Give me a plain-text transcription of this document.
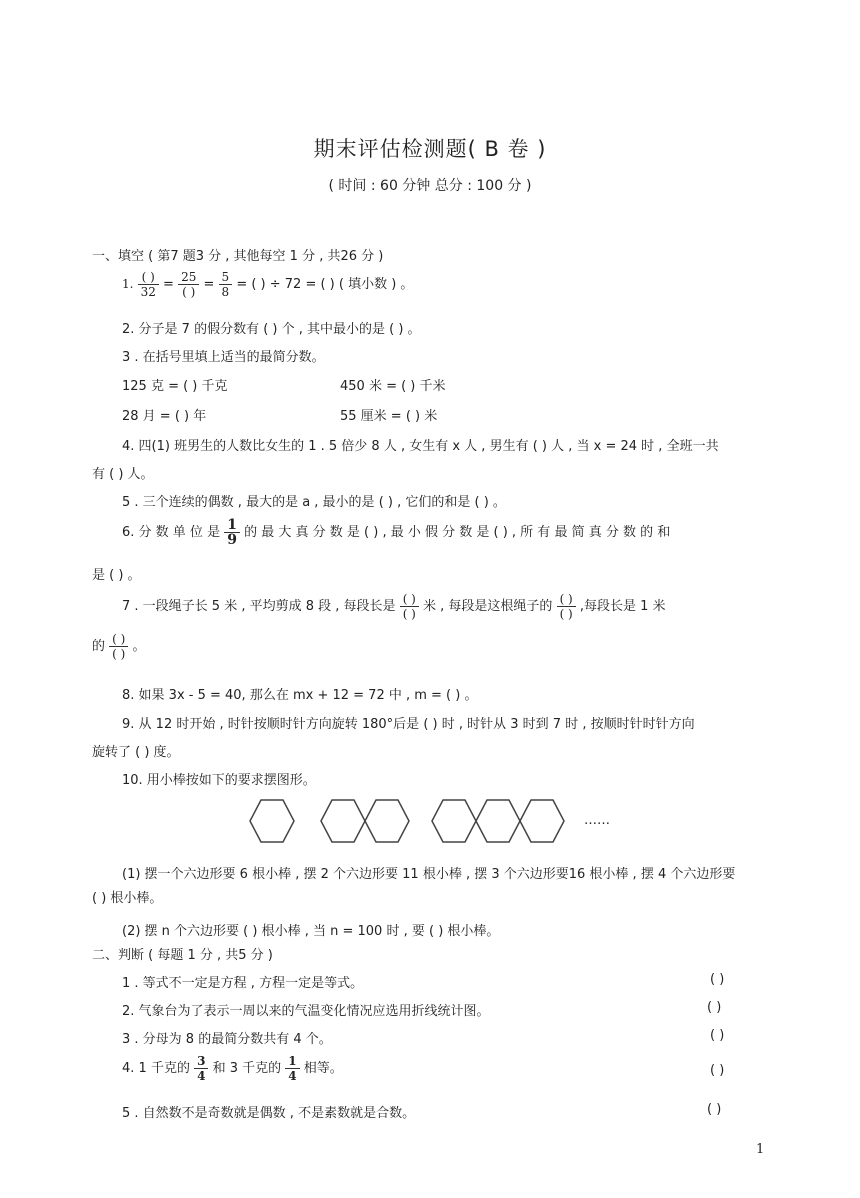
期末评估检测题( B 卷 )
( 时间 : 60 分钟 总分 : 100 分 )
一、填空 ( 第7 题3 分 , 其他每空 1 分 , 共26 分 )
1. $\frac{( )}{32} = \frac{25}{( )} = \frac{5}{8}$ = ( ) ÷ 72 = ( ) ( 填小数 ) 。
2. 分子是 7 的假分数有 ( ) 个 , 其中最小的是 ( ) 。
3 . 在括号里填上适当的最简分数。
125 克 = ( ) 千克	450 米 = ( ) 千米
28 月 = ( ) 年	55 厘米 = ( ) 米
4. 四(1) 班男生的人数比女生的 1 . 5 倍少 8 人 , 女生有 x 人 , 男生有 ( ) 人 , 当 x = 24 时 , 全班一共
有 ( ) 人。
5 . 三个连续的偶数 , 最大的是 a , 最小的是 ( ) , 它们的和是 ( ) 。
6. 分 数 单 位 是 $\frac{1}{9}$ 的 最 大 真 分 数 是 ( ) , 最 小 假 分 数 是 ( ) , 所 有 最 简 真 分 数 的 和
是 ( ) 。
7 . 一段绳子长 5 米 , 平均剪成 8 段 , 每段长是 $\frac{( )}{( )}$ 米 , 每段是这根绳子的 $\frac{( )}{( )}$ ,每段长是 1 米
的 $\frac{( )}{( )}$ 。
8. 如果 3x - 5 = 40, 那么在 mx + 12 = 72 中 , m = ( ) 。
9. 从 12 时开始 , 时针按顺时针方向旋转 180°后是 ( ) 时 , 时针从 3 时到 7 时 , 按顺时针时针方向
旋转了 ( ) 度。
10. 用小棒按如下的要求摆图形。
……
(1) 摆一个六边形要 6 根小棒 , 摆 2 个六边形要 11 根小棒 , 摆 3 个六边形要16 根小棒 , 摆 4 个六边形要
( ) 根小棒。
(2) 摆 n 个六边形要 ( ) 根小棒 , 当 n = 100 时 , 要 ( ) 根小棒。
二、判断 ( 每题 1 分 , 共5 分 )
1 . 等式不一定是方程 , 方程一定是等式。	( )
2. 气象台为了表示一周以来的气温变化情况应选用折线统计图。	( )
3 . 分母为 8 的最简分数共有 4 个。	( )
4. 1 千克的 $\frac{3}{4}$ 和 3 千克的 $\frac{1}{4}$ 相等。	( )
5 . 自然数不是奇数就是偶数 , 不是素数就是合数。	( )
1
